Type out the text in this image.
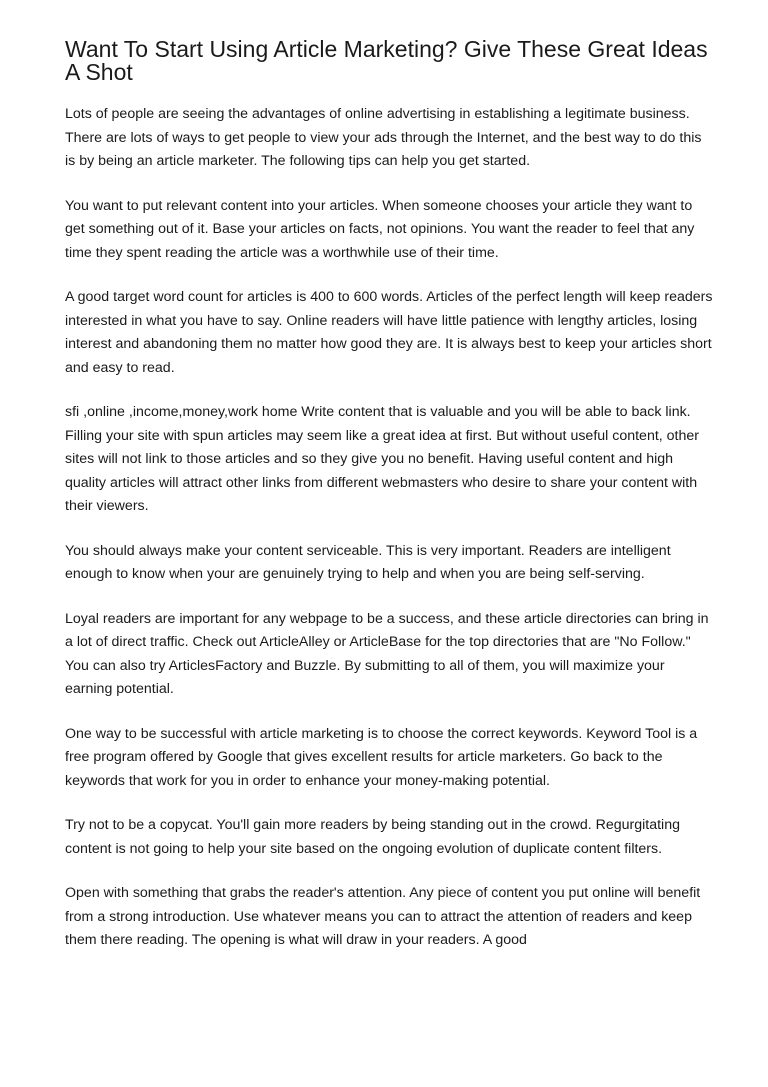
Want To Start Using Article Marketing? Give These Great Ideas A Shot

Lots of people are seeing the advantages of online advertising in establishing a legitimate business. There are lots of ways to get people to view your ads through the Internet, and the best way to do this is by being an article marketer. The following tips can help you get started.

You want to put relevant content into your articles. When someone chooses your article they want to get something out of it. Base your articles on facts, not opinions. You want the reader to feel that any time they spent reading the article was a worthwhile use of their time.

A good target word count for articles is 400 to 600 words. Articles of the perfect length will keep readers interested in what you have to say. Online readers will have little patience with lengthy articles, losing interest and abandoning them no matter how good they are. It is always best to keep your articles short and easy to read.

sfi ,online ,income,money,work home Write content that is valuable and you will be able to back link. Filling your site with spun articles may seem like a great idea at first. But without useful content, other sites will not link to those articles and so they give you no benefit. Having useful content and high quality articles will attract other links from different webmasters who desire to share your content with their viewers.

You should always make your content serviceable. This is very important. Readers are intelligent enough to know when your are genuinely trying to help and when you are being self-serving.

Loyal readers are important for any webpage to be a success, and these article directories can bring in a lot of direct traffic. Check out ArticleAlley or ArticleBase for the top directories that are "No Follow." You can also try ArticlesFactory and Buzzle. By submitting to all of them, you will maximize your earning potential.

One way to be successful with article marketing is to choose the correct keywords. Keyword Tool is a free program offered by Google that gives excellent results for article marketers. Go back to the keywords that work for you in order to enhance your money-making potential.

Try not to be a copycat. You'll gain more readers by being standing out in the crowd. Regurgitating content is not going to help your site based on the ongoing evolution of duplicate content filters.

Open with something that grabs the reader's attention. Any piece of content you put online will benefit from a strong introduction. Use whatever means you can to attract the attention of readers and keep them there reading. The opening is what will draw in your readers. A good
